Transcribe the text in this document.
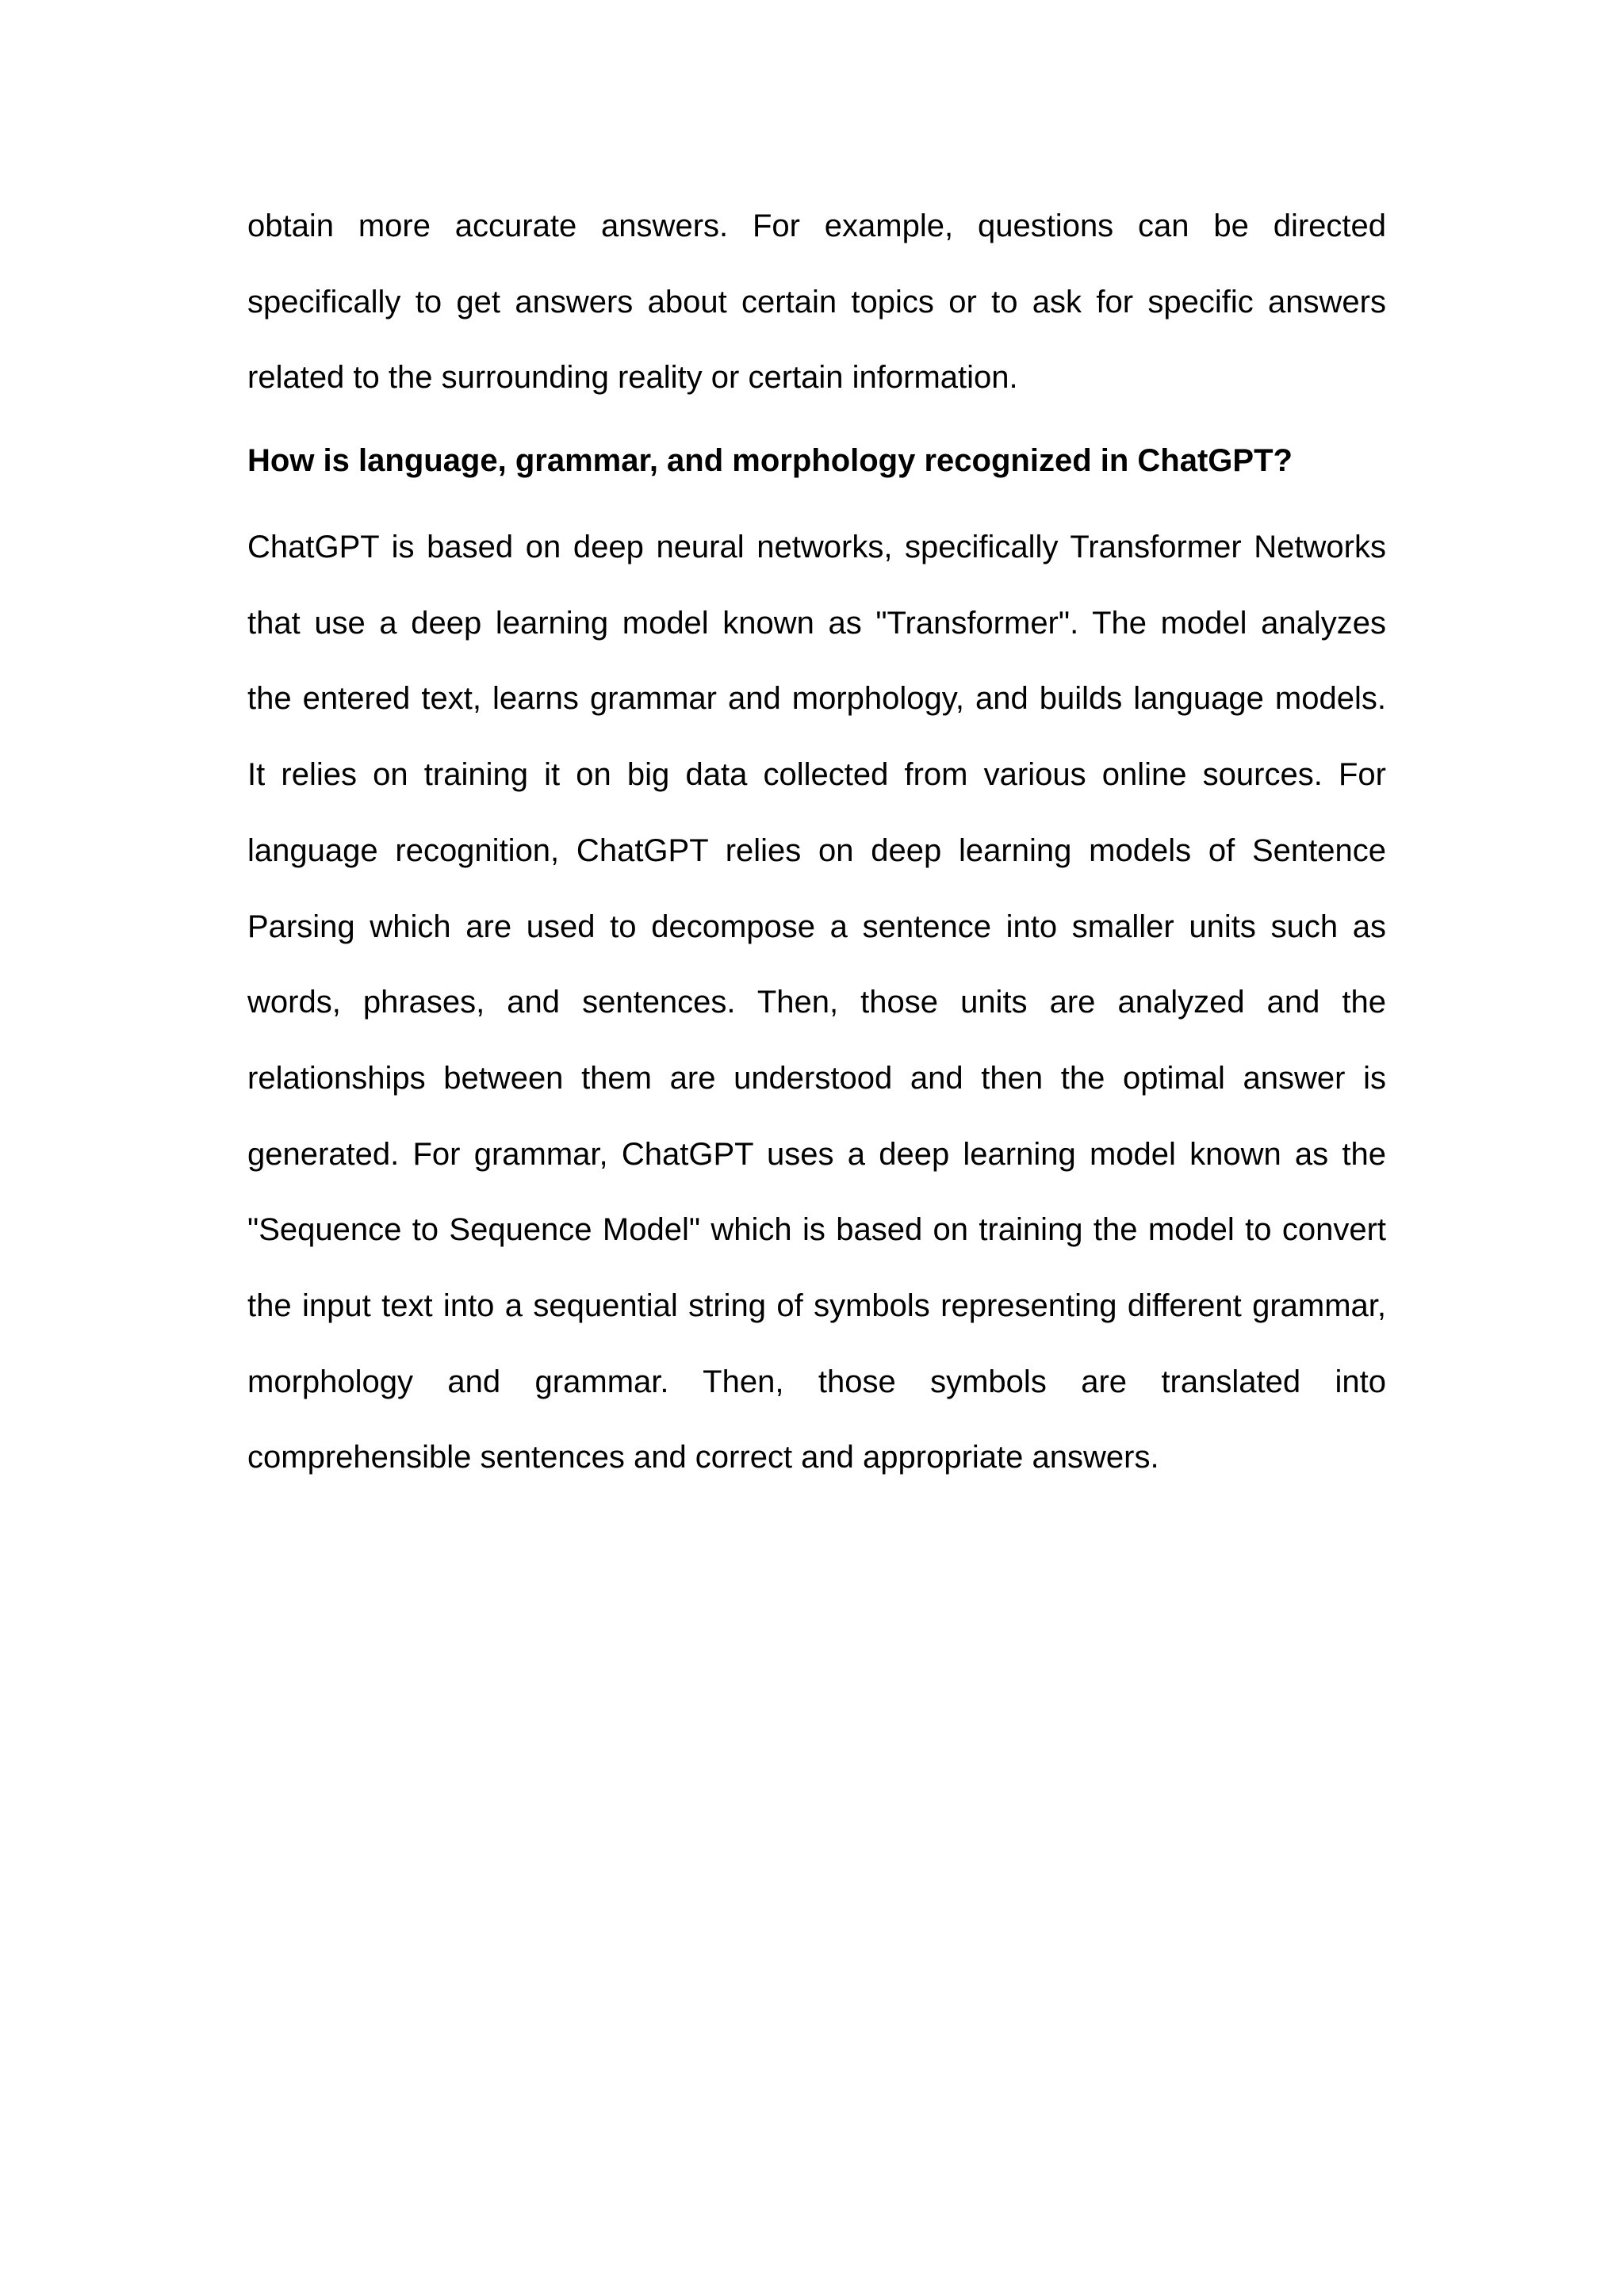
obtain more accurate answers. For example, questions can be directed
specifically to get answers about certain topics or to ask for specific answers
related to the surrounding reality or certain information.
How is language, grammar, and morphology recognized in ChatGPT?
ChatGPT is based on deep neural networks, specifically Transformer Networks
that use a deep learning model known as "Transformer". The model analyzes
the entered text, learns grammar and morphology, and builds language models.
It relies on training it on big data collected from various online sources. For
language recognition, ChatGPT relies on deep learning models of Sentence
Parsing which are used to decompose a sentence into smaller units such as
words, phrases, and sentences. Then, those units are analyzed and the
relationships between them are understood and then the optimal answer is
generated. For grammar, ChatGPT uses a deep learning model known as the
"Sequence to Sequence Model" which is based on training the model to convert
the input text into a sequential string of symbols representing different grammar,
morphology and grammar. Then, those symbols are translated into
comprehensible sentences and correct and appropriate answers.
